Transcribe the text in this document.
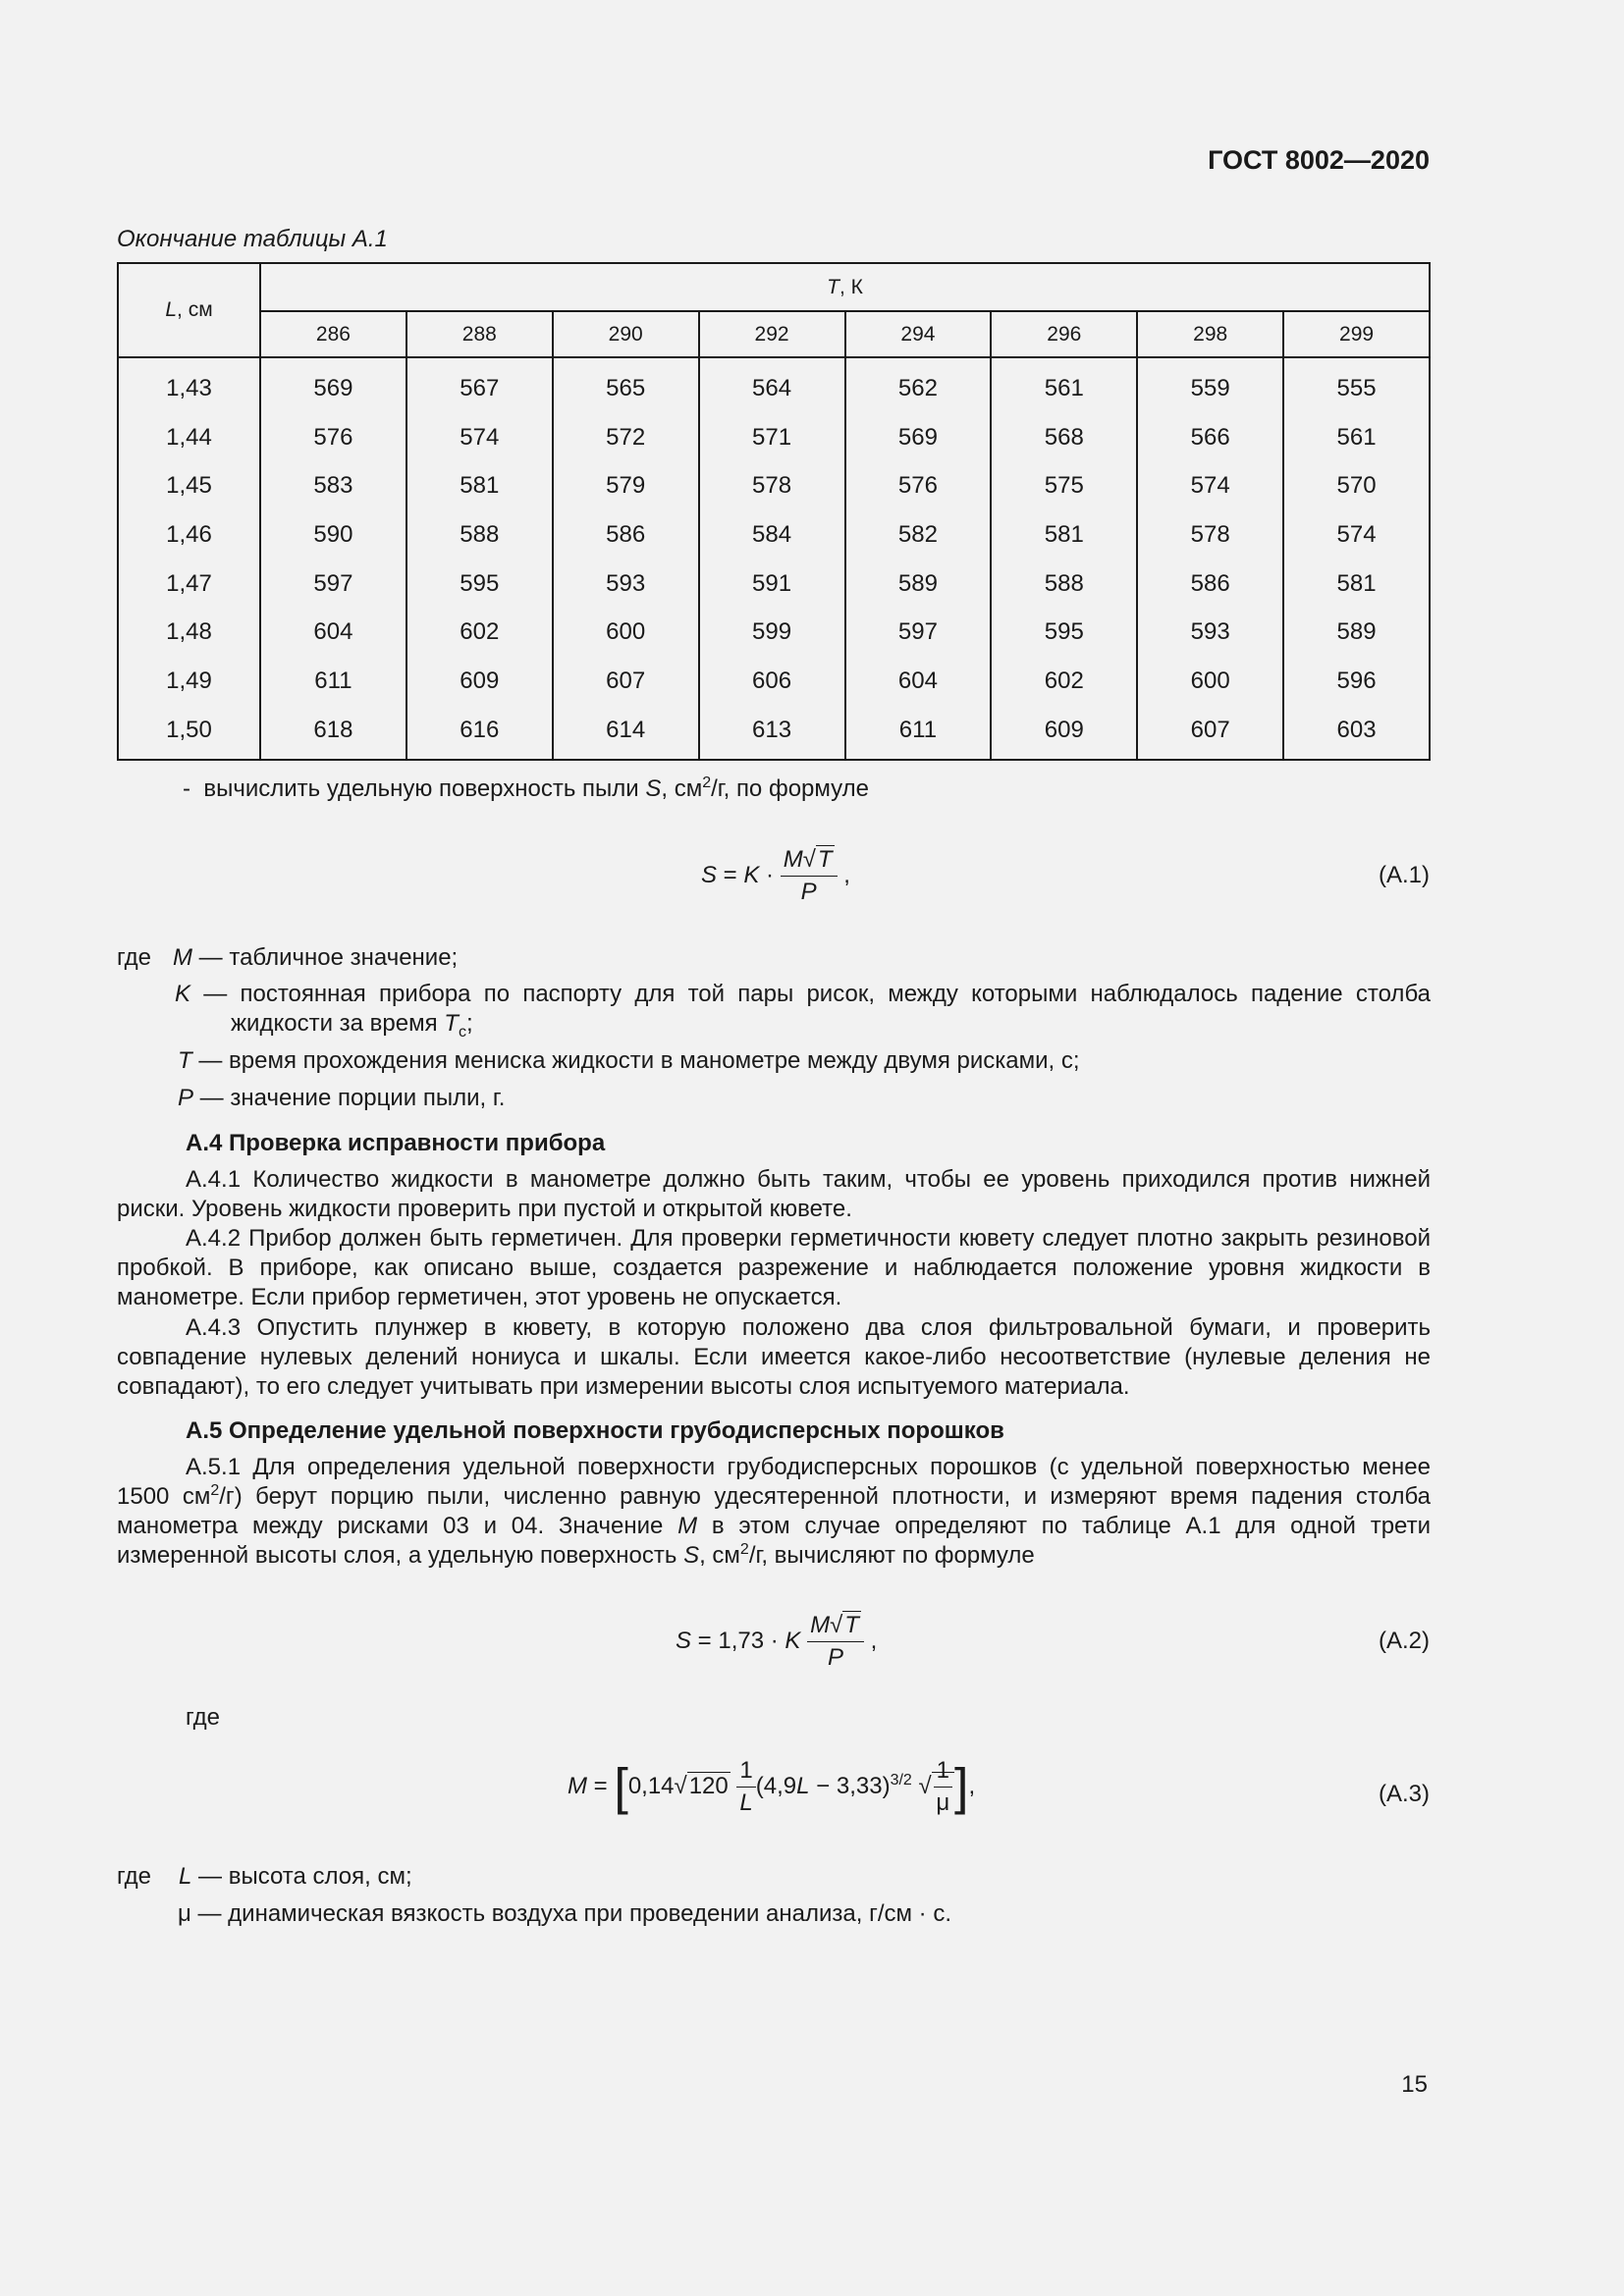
ГОСТ 8002—2020
Окончание таблицы А.1
L, см	T, К							
	286	288	290	292	294	296	298	299
1,43	569	567	565	564	562	561	559	555
1,44	576	574	572	571	569	568	566	561
1,45	583	581	579	578	576	575	574	570
1,46	590	588	586	584	582	581	578	574
1,47	597	595	593	591	589	588	586	581
1,48	604	602	600	599	597	595	593	589
1,49	611	609	607	606	604	602	600	596
1,50	618	616	614	613	611	609	607	603
-  вычислить удельную поверхность пыли S, $см^2/г$, по формуле
$S = K \cdot \frac{M√T}{P}$ ,	(А.1)
где M — табличное значение;
K — постоянная прибора по паспорту для той пары рисок, между которыми наблюдалось падение столба жидкости за время $T_с$;
T — время прохождения мениска жидкости в манометре между двумя рисками, с;
P — значение порции пыли, г.
А.4 Проверка исправности прибора
А.4.1 Количество жидкости в манометре должно быть таким, чтобы ее уровень приходился против нижней риски. Уровень жидкости проверить при пустой и открытой кювете.
А.4.2 Прибор должен быть герметичен. Для проверки герметичности кювету следует плотно закрыть резиновой пробкой. В приборе, как описано выше, создается разрежение и наблюдается положение уровня жидкости в манометре. Если прибор герметичен, этот уровень не опускается.
А.4.3 Опустить плунжер в кювету, в которую положено два слоя фильтровальной бумаги, и проверить совпадение нулевых делений нониуса и шкалы. Если имеется какое-либо несоответствие (нулевые деления не совпадают), то его следует учитывать при измерении высоты слоя испытуемого материала.
А.5 Определение удельной поверхности грубодисперсных порошков
А.5.1 Для определения удельной поверхности грубодисперсных порошков (с удельной поверхностью менее 1500 $см^2/г$) берут порцию пыли, численно равную удесятеренной плотности, и измеряют время падения столба манометра между рисками 03 и 04. Значение M в этом случае определяют по таблице А.1 для одной трети измеренной высоты слоя, а удельную поверхность S, $см^2/г$, вычисляют по формуле
S = 1,73 · K $\frac{M√T}{P}$ ,	(А.2)
где
$M = [0,14√120 \frac{1}{L} (4,9L - 3,33)^{3/2}$ √ $\frac{1}{\mu}$ ],	(А.3)
где L — высота слоя, см;
μ — динамическая вязкость воздуха при проведении анализа, г/см · с.
15
